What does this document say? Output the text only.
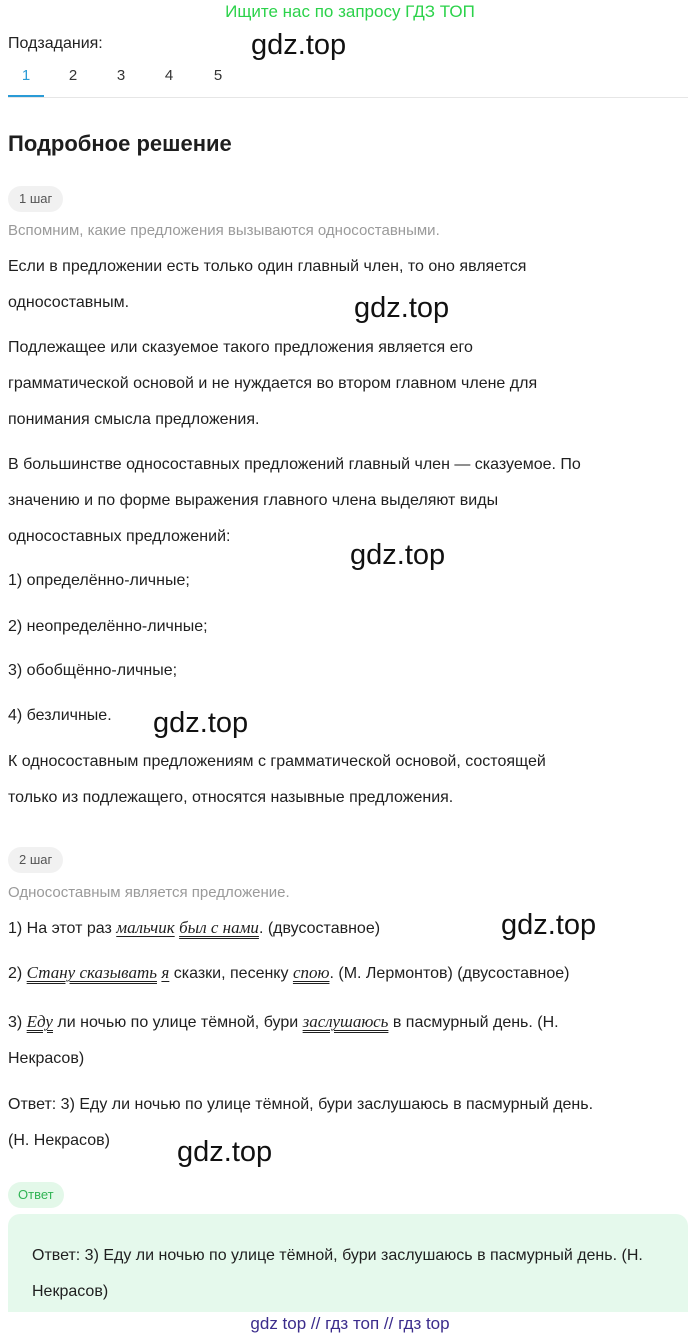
Ищите нас по запросу ГДЗ ТОП
Подзадания:
1	2	3	4	5
Подробное решение
1 шаг
Вспомним, какие предложения вызываются односоставными.
Если в предложении есть только один главный член, то оно является
односоставным.
Подлежащее или сказуемое такого предложения является его
грамматической основой и не нуждается во втором главном члене для
понимания смысла предложения.
В большинстве односоставных предложений главный член — сказуемое. По
значению и по форме выражения главного члена выделяют виды
односоставных предложений:
1) определённо-личные;
2) неопределённо-личные;
3) обобщённо-личные;
4) безличные.
К односоставным предложениям с грамматической основой, состоящей
только из подлежащего, относятся назывные предложения.
2 шаг
Односоставным является предложение.
1) На этот раз мальчик был с нами. (двусоставное)
2) Стану сказывать я сказки, песенку спою. (М. Лермонтов) (двусоставное)
3) Еду ли ночью по улице тёмной, бури заслушаюсь в пасмурный день. (Н.
Некрасов)
Ответ: 3) Еду ли ночью по улице тёмной, бури заслушаюсь в пасмурный день.
(Н. Некрасов)
gdz.top
gdz.top
gdz.top
gdz.top
gdz.top
gdz.top
Ответ
Ответ: 3) Еду ли ночью по улице тёмной, бури заслушаюсь в пасмурный день. (Н. Некрасов)
gdz top // гдз топ // гдз top
